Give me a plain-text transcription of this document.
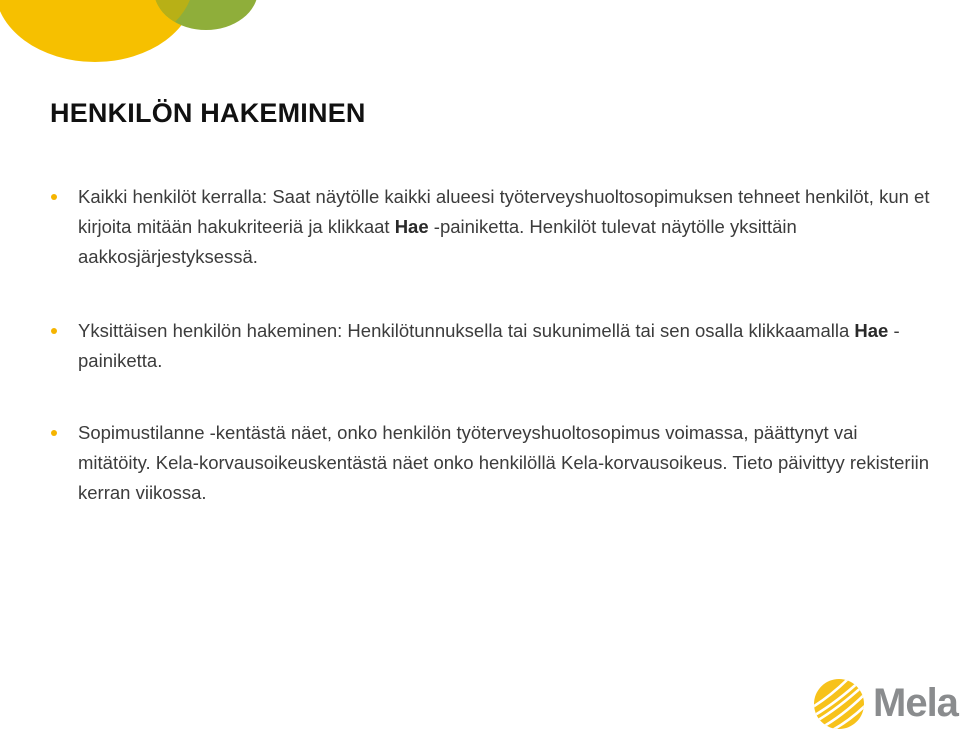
HENKILÖN HAKEMINEN
Kaikki henkilöt kerralla: Saat näytölle kaikki alueesi työterveyshuoltosopimuksen tehneet henkilöt, kun et kirjoita mitään hakukriteeriä ja klikkaat Hae -painiketta. Henkilöt tulevat näytölle yksittäin aakkosjärjestyksessä.
Yksittäisen henkilön hakeminen: Henkilötunnuksella tai sukunimellä tai sen osalla klikkaamalla Hae -painiketta.
Sopimustilanne -kentästä näet, onko henkilön työterveyshuoltosopimus voimassa, päättynyt vai mitätöity. Kela-korvausoikeuskentästä näet onko henkilöllä Kela-korvausoikeus. Tieto päivittyy rekisteriin kerran viikossa.
Mela
